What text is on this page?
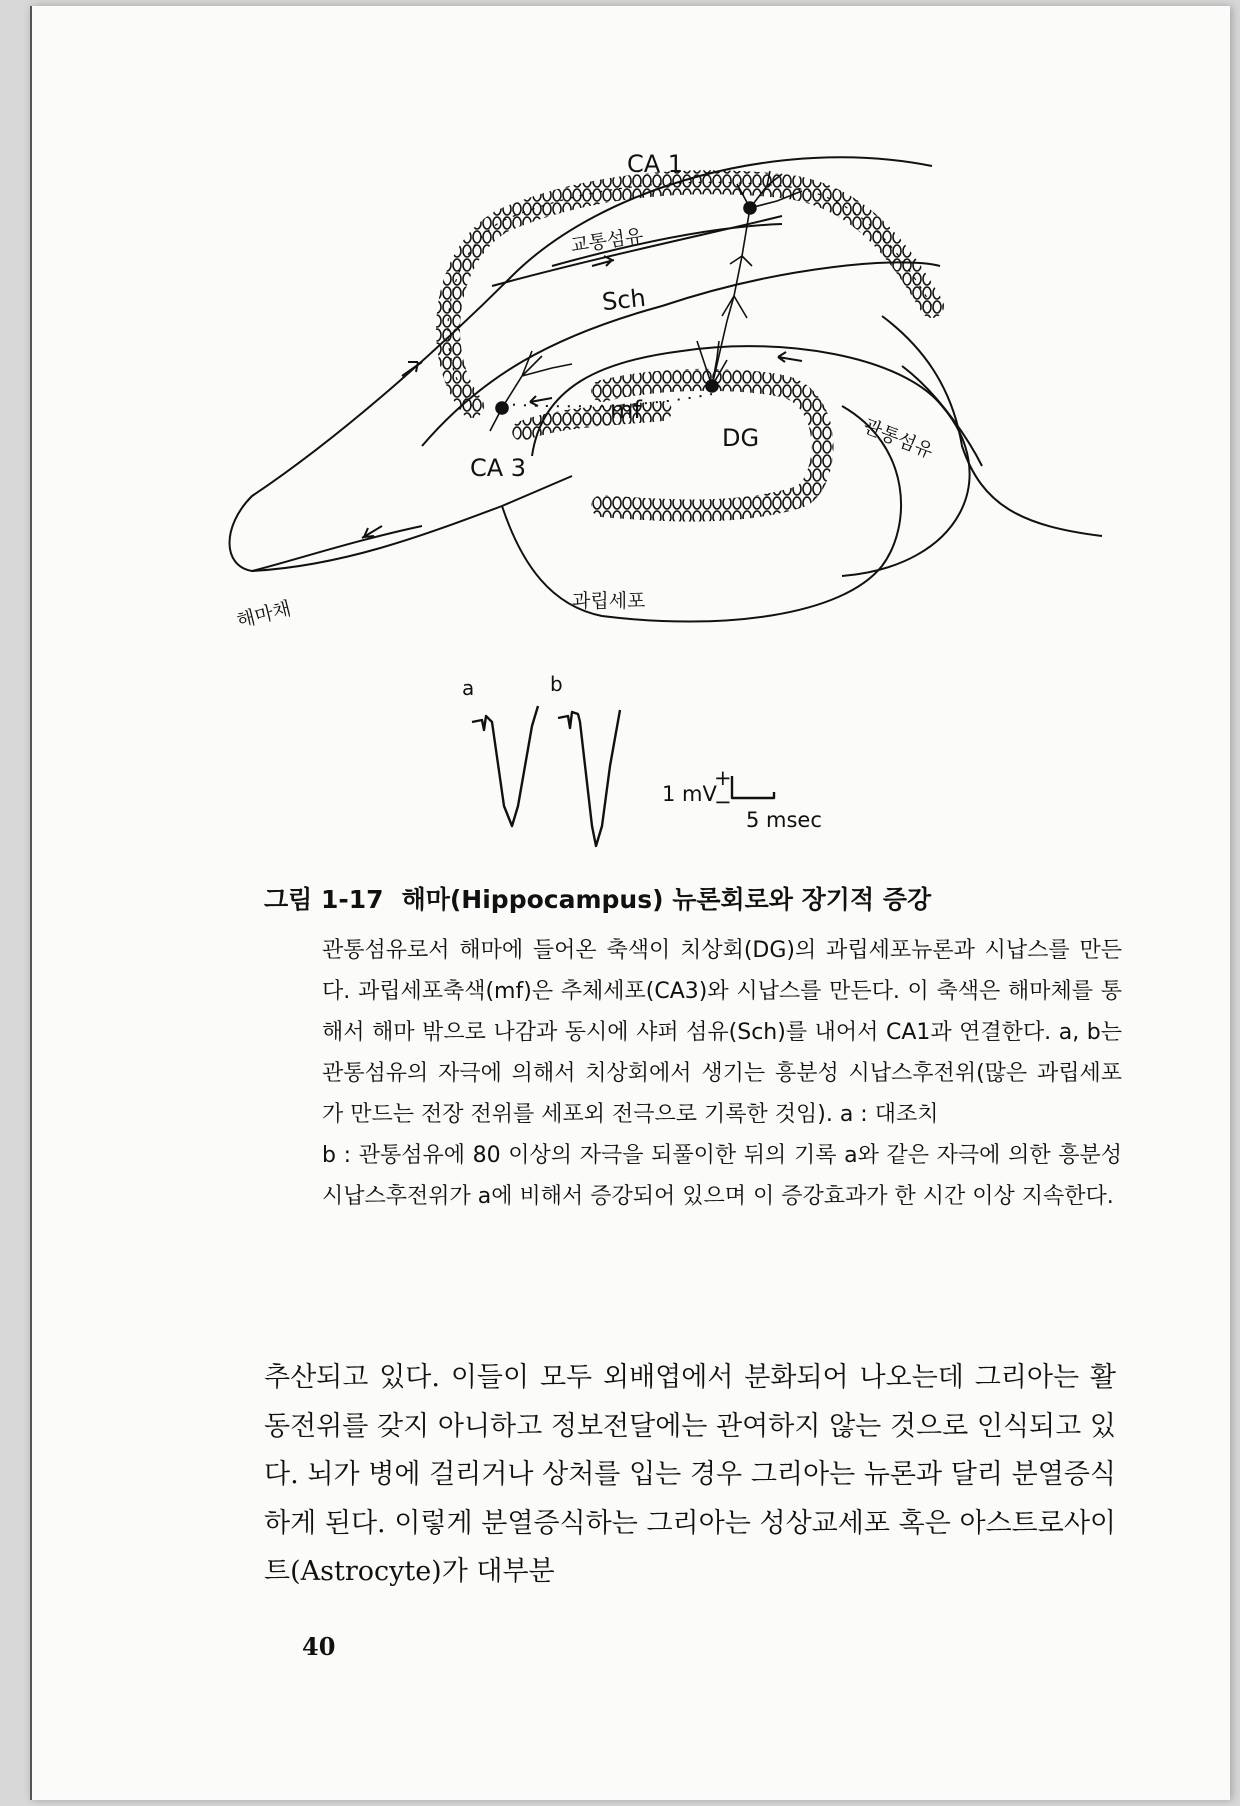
CA 1
교통섬유
Sch
mf
DG
CA 3
관통섬유
과립세포
해마채
a	b
1 mV
+
−
5 msec
그림 1-17 해마(Hippocampus) 뉴론회로와 장기적 증강
관통섬유로서 해마에 들어온 축색이 치상회(DG)의 과립세포뉴론과 시납스를 만든다. 과립세포축색(mf)은 추체세포(CA3)와 시납스를 만든다. 이 축색은 해마체를 통해서 해마 밖으로 나감과 동시에 샤퍼 섬유(Sch)를 내어서 CA1과 연결한다. a, b는 관통섬유의 자극에 의해서 치상회에서 생기는 흥분성 시납스후전위(많은 과립세포가 만드는 전장 전위를 세포외 전극으로 기록한 것임). a : 대조치
b : 관통섬유에 80 이상의 자극을 되풀이한 뒤의 기록 a와 같은 자극에 의한 흥분성 시납스후전위가 a에 비해서 증강되어 있으며 이 증강효과가 한 시간 이상 지속한다.
추산되고 있다. 이들이 모두 외배엽에서 분화되어 나오는데 그리아는 활동전위를 갖지 아니하고 정보전달에는 관여하지 않는 것으로 인식되고 있다. 뇌가 병에 걸리거나 상처를 입는 경우 그리아는 뉴론과 달리 분열증식하게 된다. 이렇게 분열증식하는 그리아는 성상교세포 혹은 아스트로사이트(Astrocyte)가 대부분
40
